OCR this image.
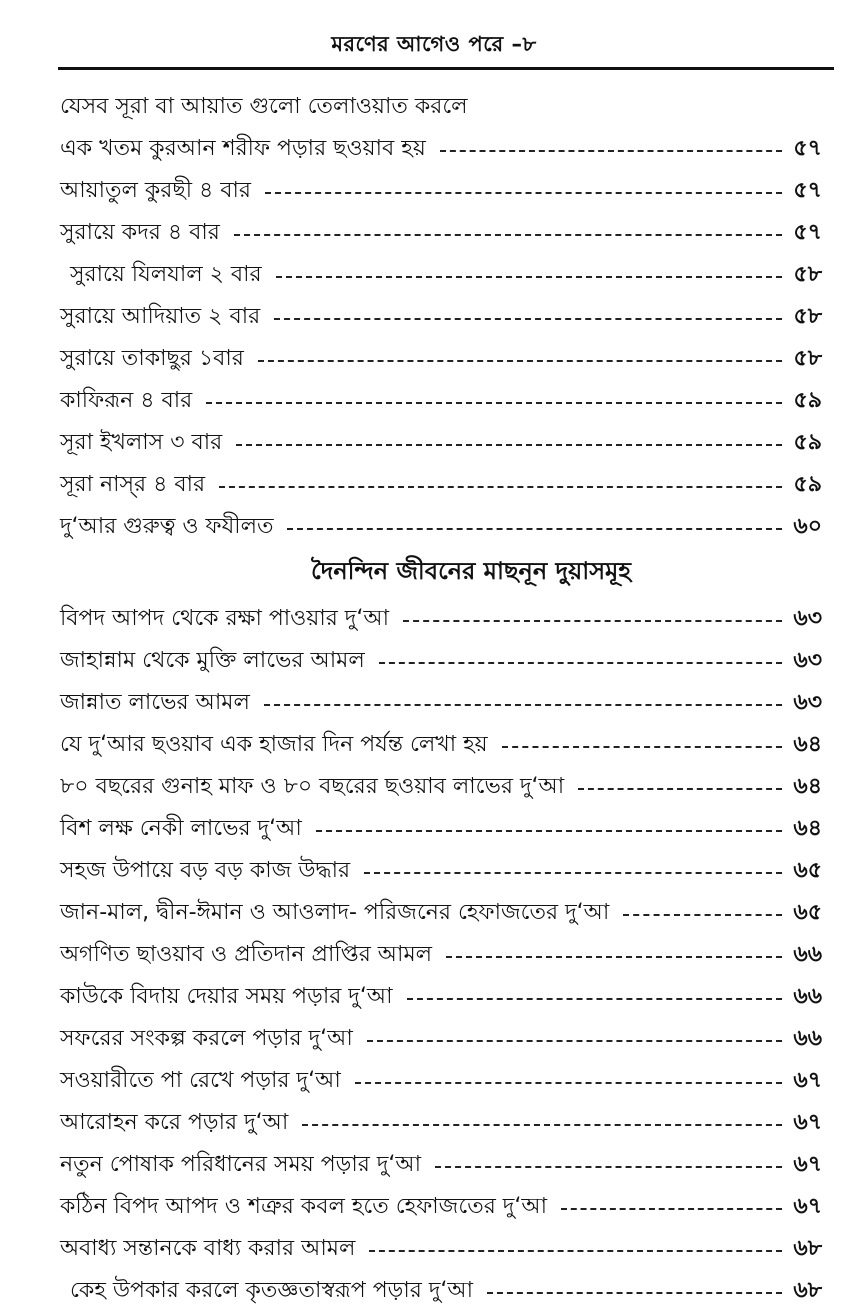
মরণের আগেও পরে –৮
যেসব সূরা বা আয়াত গুলো তেলাওয়াত করলে
এক খতম কুরআন শরীফ পড়ার ছওয়াব হয়	৫৭
আয়াতুল কুরছী ৪ বার	৫৭
সুরায়ে কদর ৪ বার	৫৭
সুরায়ে যিলযাল ২ বার	৫৮
সুরায়ে আদিয়াত ২ বার	৫৮
সুরায়ে তাকাছুর ১বার	৫৮
কাফিরূন ৪ বার	৫৯
সূরা ইখলাস ৩ বার	৫৯
সূরা নাস্‌র ৪ বার	৫৯
দু‘আর গুরুত্ব ও ফযীলত	৬০
দৈনন্দিন জীবনের মাছনূন দুয়াসমূহ
বিপদ আপদ থেকে রক্ষা পাওয়ার দু‘আ	৬৩
জাহান্নাম থেকে মুক্তি লাভের আমল	৬৩
জান্নাত লাভের আমল	৬৩
যে দু‘আর ছওয়াব এক হাজার দিন পর্যন্ত লেখা হয়	৬৪
৮০ বছরের গুনাহ মাফ ও ৮০ বছরের ছওয়াব লাভের দু‘আ	৬৪
বিশ লক্ষ নেকী লাভের দু‘আ	৬৪
সহজ উপায়ে বড় বড় কাজ উদ্ধার	৬৫
জান-মাল, দ্বীন-ঈমান ও আওলাদ- পরিজনের হেফাজতের দু‘আ	৬৫
অগণিত ছাওয়াব ও প্রতিদান প্রাপ্তির আমল	৬৬
কাউকে বিদায় দেয়ার সময় পড়ার দু‘আ	৬৬
সফরের সংকল্প করলে পড়ার দু‘আ	৬৬
সওয়ারীতে পা রেখে পড়ার দু‘আ	৬৭
আরোহন করে পড়ার দু‘আ	৬৭
নতুন পোষাক পরিধানের সময় পড়ার দু‘আ	৬৭
কঠিন বিপদ আপদ ও শত্রুর কবল হতে হেফাজতের দু‘আ	৬৭
অবাধ্য সন্তানকে বাধ্য করার আমল	৬৮
কেহ উপকার করলে কৃতজ্ঞতাস্বরূপ পড়ার দু‘আ	৬৮
